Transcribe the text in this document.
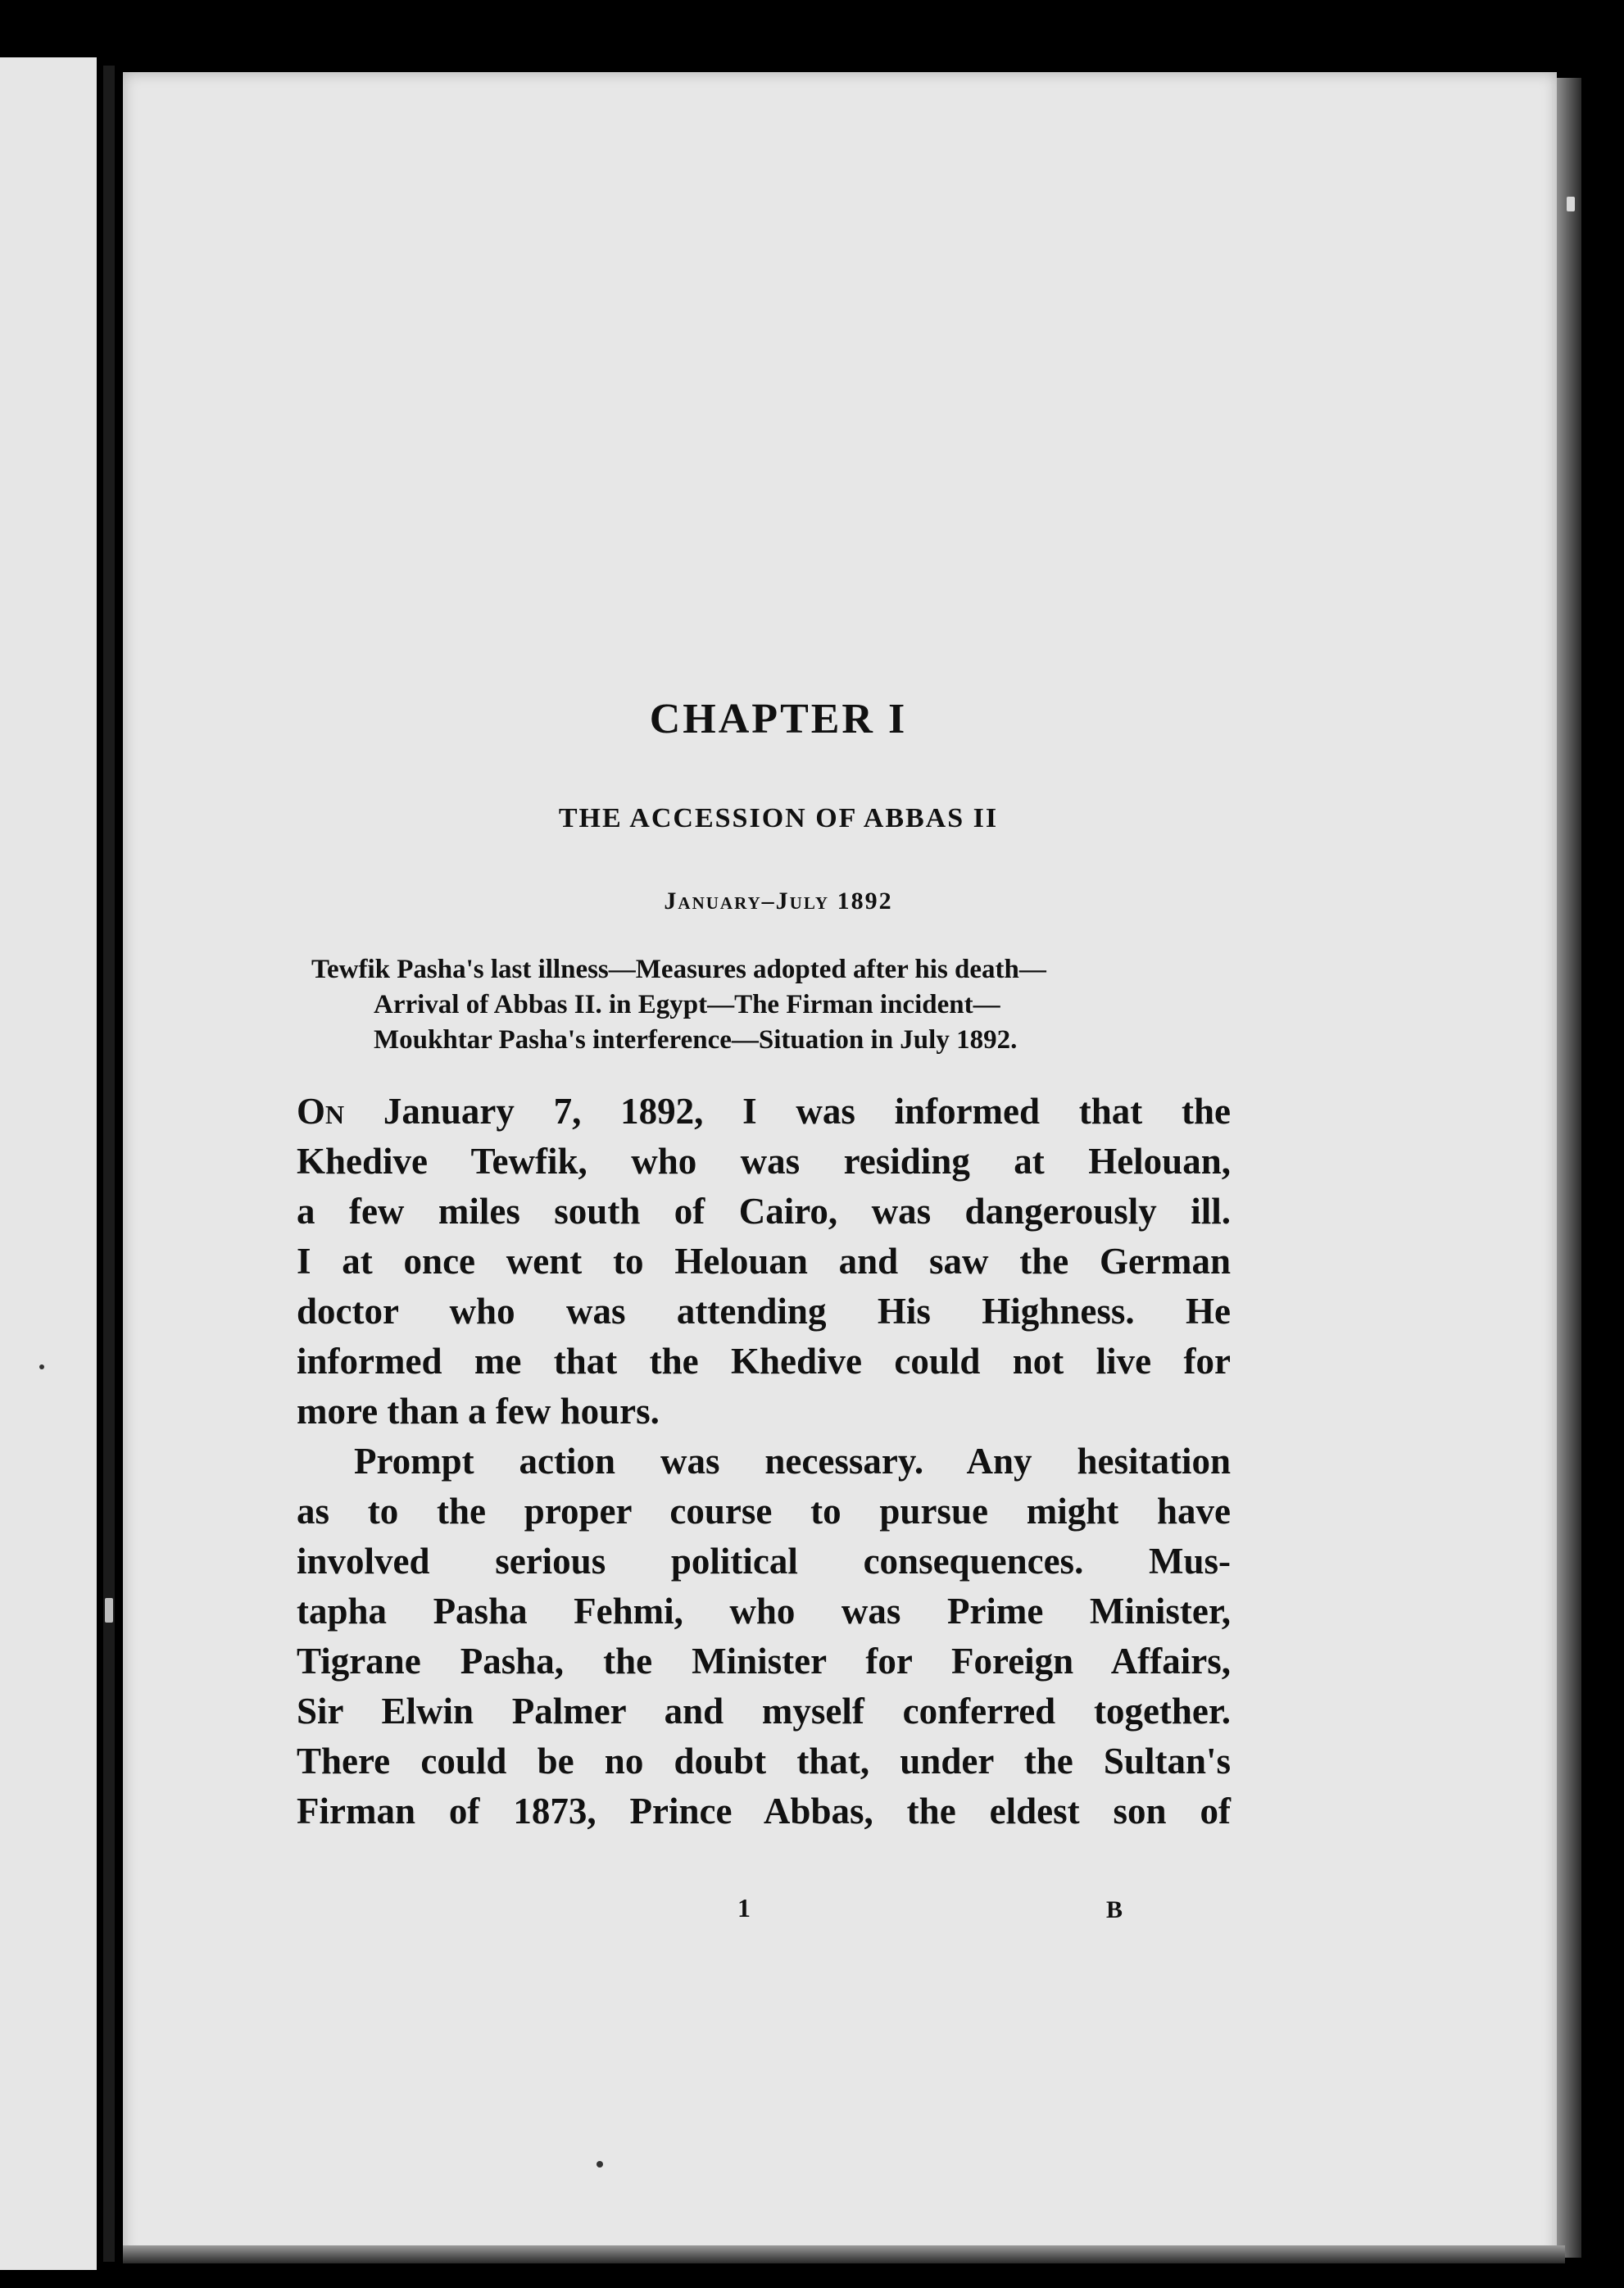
CHAPTER I
THE ACCESSION OF ABBAS II
January–July 1892
Tewfik Pasha's last illness—Measures adopted after his death—
Arrival of Abbas II. in Egypt—The Firman incident—
Moukhtar Pasha's interference—Situation in July 1892.
On January 7, 1892, I was informed that the
Khedive Tewfik, who was residing at Helouan,
a few miles south of Cairo, was dangerously ill.
I at once went to Helouan and saw the German
doctor who was attending His Highness. He
informed me that the Khedive could not live for
more than a few hours.
Prompt action was necessary. Any hesitation
as to the proper course to pursue might have
involved serious political consequences. Mus-
tapha Pasha Fehmi, who was Prime Minister,
Tigrane Pasha, the Minister for Foreign Affairs,
Sir Elwin Palmer and myself conferred together.
There could be no doubt that, under the Sultan's
Firman of 1873, Prince Abbas, the eldest son of
1	B
